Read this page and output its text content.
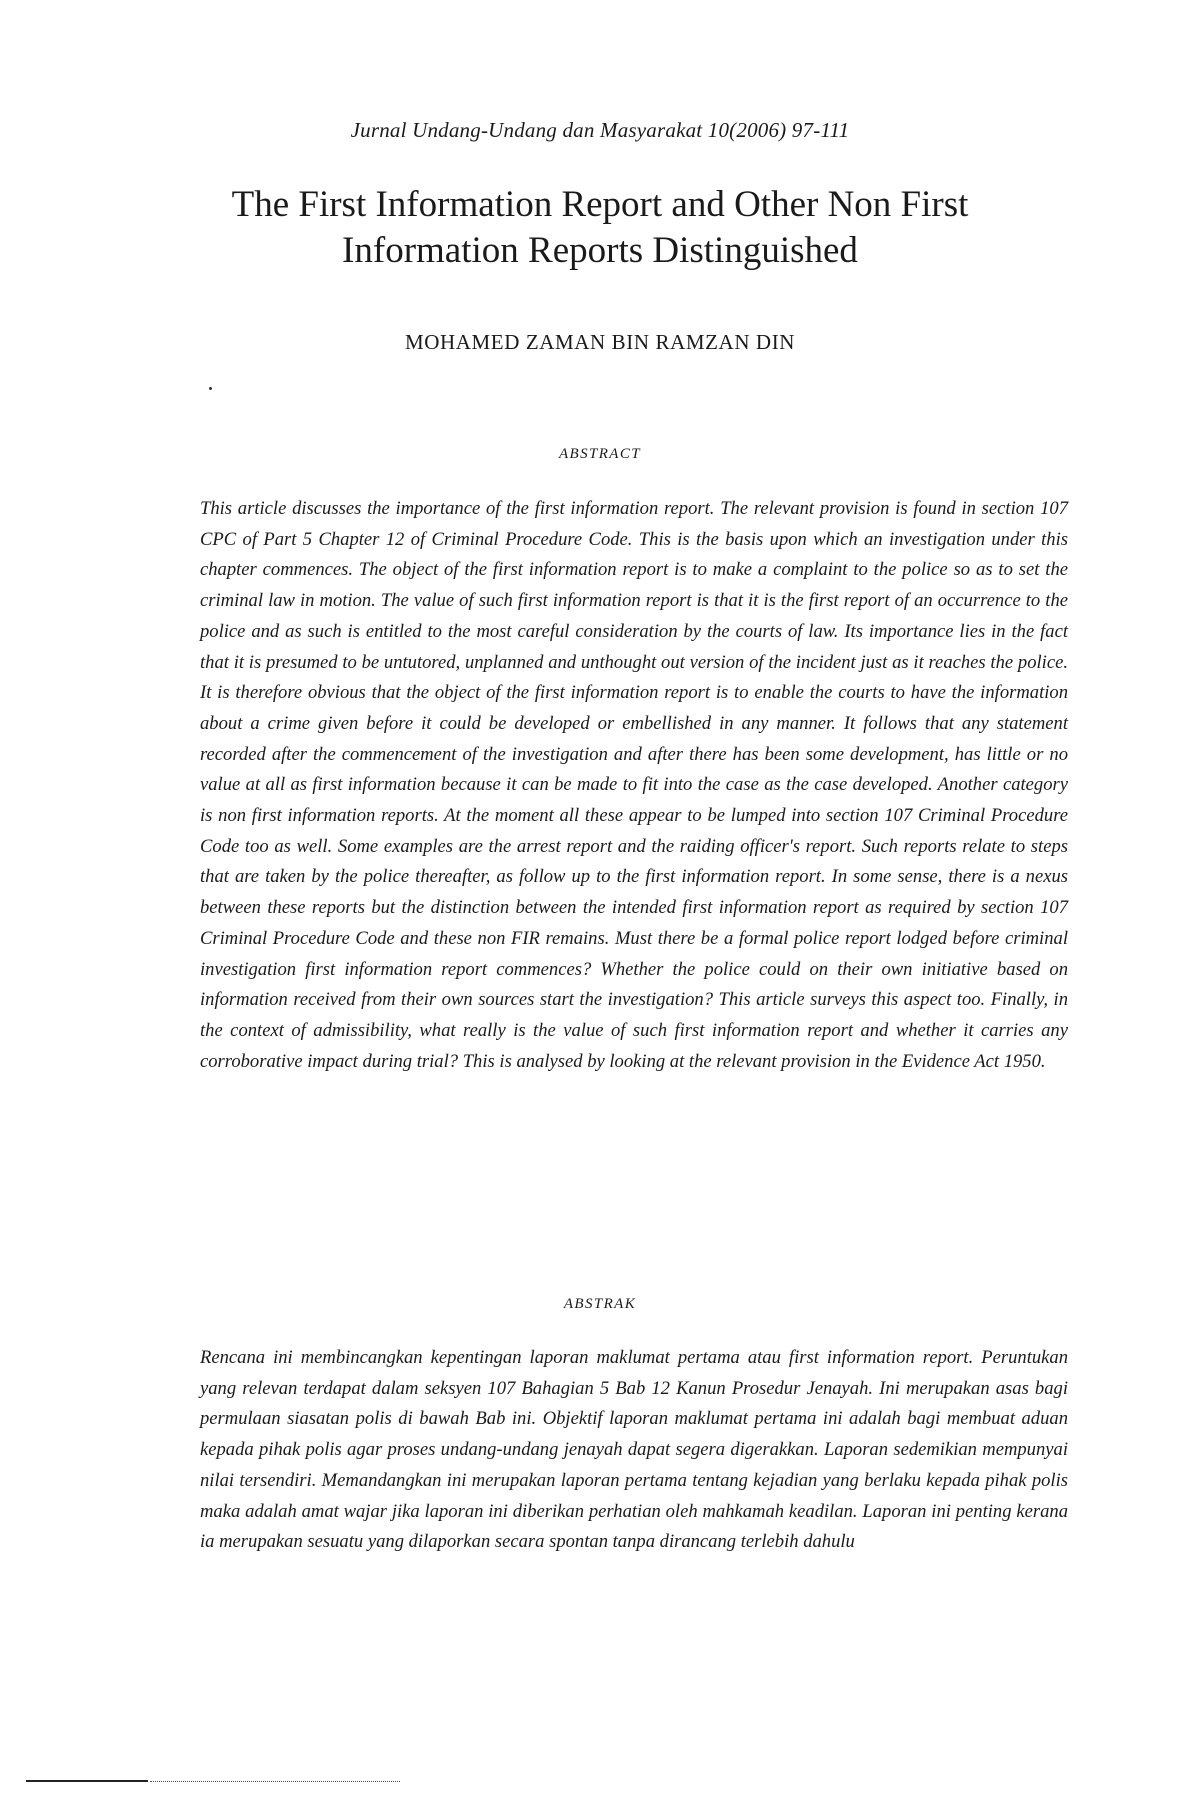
Jurnal Undang-Undang dan Masyarakat 10(2006) 97-111
The First Information Report and Other Non First Information Reports Distinguished
MOHAMED ZAMAN BIN RAMZAN DIN
ABSTRACT

This article discusses the importance of the first information report. The relevant provision is found in section 107 CPC of Part 5 Chapter 12 of Criminal Procedure Code. This is the basis upon which an investigation under this chapter commences. The object of the first information report is to make a complaint to the police so as to set the criminal law in motion. The value of such first information report is that it is the first report of an occurrence to the police and as such is entitled to the most careful consideration by the courts of law. Its importance lies in the fact that it is presumed to be untutored, unplanned and unthought out version of the incident just as it reaches the police. It is therefore obvious that the object of the first information report is to enable the courts to have the information about a crime given before it could be developed or embellished in any manner. It follows that any statement recorded after the commencement of the investigation and after there has been some development, has little or no value at all as first information because it can be made to fit into the case as the case developed. Another category is non first information reports. At the moment all these appear to be lumped into section 107 Criminal Procedure Code too as well. Some examples are the arrest report and the raiding officer's report. Such reports relate to steps that are taken by the police thereafter, as follow up to the first information report. In some sense, there is a nexus between these reports but the distinction between the intended first information report as required by section 107 Criminal Procedure Code and these non FIR remains. Must there be a formal police report lodged before criminal investigation first information report commences? Whether the police could on their own initiative based on information received from their own sources start the investigation? This article surveys this aspect too. Finally, in the context of admissibility, what really is the value of such first information report and whether it carries any corroborative impact during trial? This is analysed by looking at the relevant provision in the Evidence Act 1950.

ABSTRAK

Rencana ini membincangkan kepentingan laporan maklumat pertama atau first information report. Peruntukan yang relevan terdapat dalam seksyen 107 Bahagian 5 Bab 12 Kanun Prosedur Jenayah. Ini merupakan asas bagi permulaan siasatan polis di bawah Bab ini. Objektif laporan maklumat pertama ini adalah bagi membuat aduan kepada pihak polis agar proses undang-undang jenayah dapat segera digerakkan. Laporan sedemikian mempunyai nilai tersendiri. Memandangkan ini merupakan laporan pertama tentang kejadian yang berlaku kepada pihak polis maka adalah amat wajar jika laporan ini diberikan perhatian oleh mahkamah keadilan. Laporan ini penting kerana ia merupakan sesuatu yang dilaporkan secara spontan tanpa dirancang terlebih dahulu
